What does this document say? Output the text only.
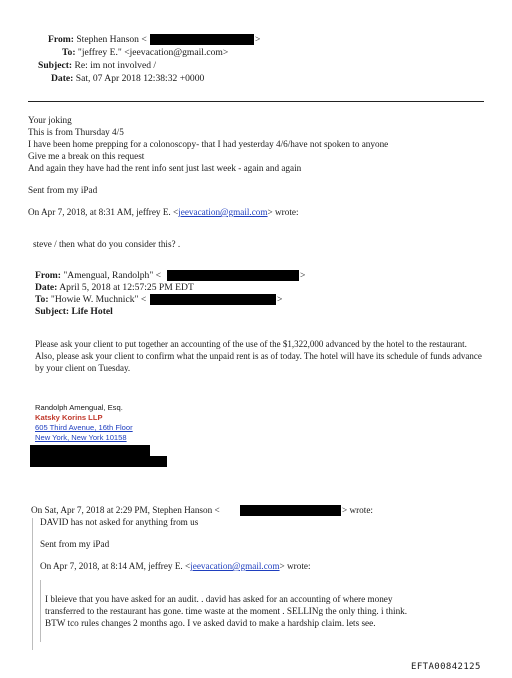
From: Stephen Hanson <	>
To: "jeffrey E." <jeevacation@gmail.com>
Subject: Re: im not involved /
Date: Sat, 07 Apr 2018 12:38:32 +0000
Your joking
This is from Thursday 4/5
I have been home prepping for a colonoscopy- that I had yesterday 4/6/have not spoken to anyone
Give me a break on this request
And again they have had the rent info sent just last week - again and again
Sent from my iPad
On Apr 7, 2018, at 8:31 AM, jeffrey E. <jeevacation@gmail.com> wrote:
steve / then what do you consider this? .
From: "Amengual, Randolph" <	>
Date: April 5, 2018 at 12:57:25 PM EDT
To: "Howie W. Muchnick" <	>
Subject: Life Hotel
Please ask your client to put together an accounting of the use of the $1,322,000 advanced by the hotel to the restaurant. Also, please ask your client to confirm what the unpaid rent is as of today. The hotel will have its schedule of funds advance by your client on Tuesday.
Randolph Amengual, Esq.
Katsky Korins LLP
605 Third Avenue, 16th Floor
New York, New York 10158
On Sat, Apr 7, 2018 at 2:29 PM, Stephen Hanson <	> wrote:
DAVID has not asked for anything from us
Sent from my iPad
On Apr 7, 2018, at 8:14 AM, jeffrey E. <jeevacation@gmail.com> wrote:
I bleieve that you have asked for an audit. . david has asked for an accounting of where money
transferred to the restaurant has gone. time waste at the moment . SELLINg the only thing. i think.
BTW tco rules changes 2 months ago. I ve asked david to make a hardship claim. lets see.
EFTA00842125
